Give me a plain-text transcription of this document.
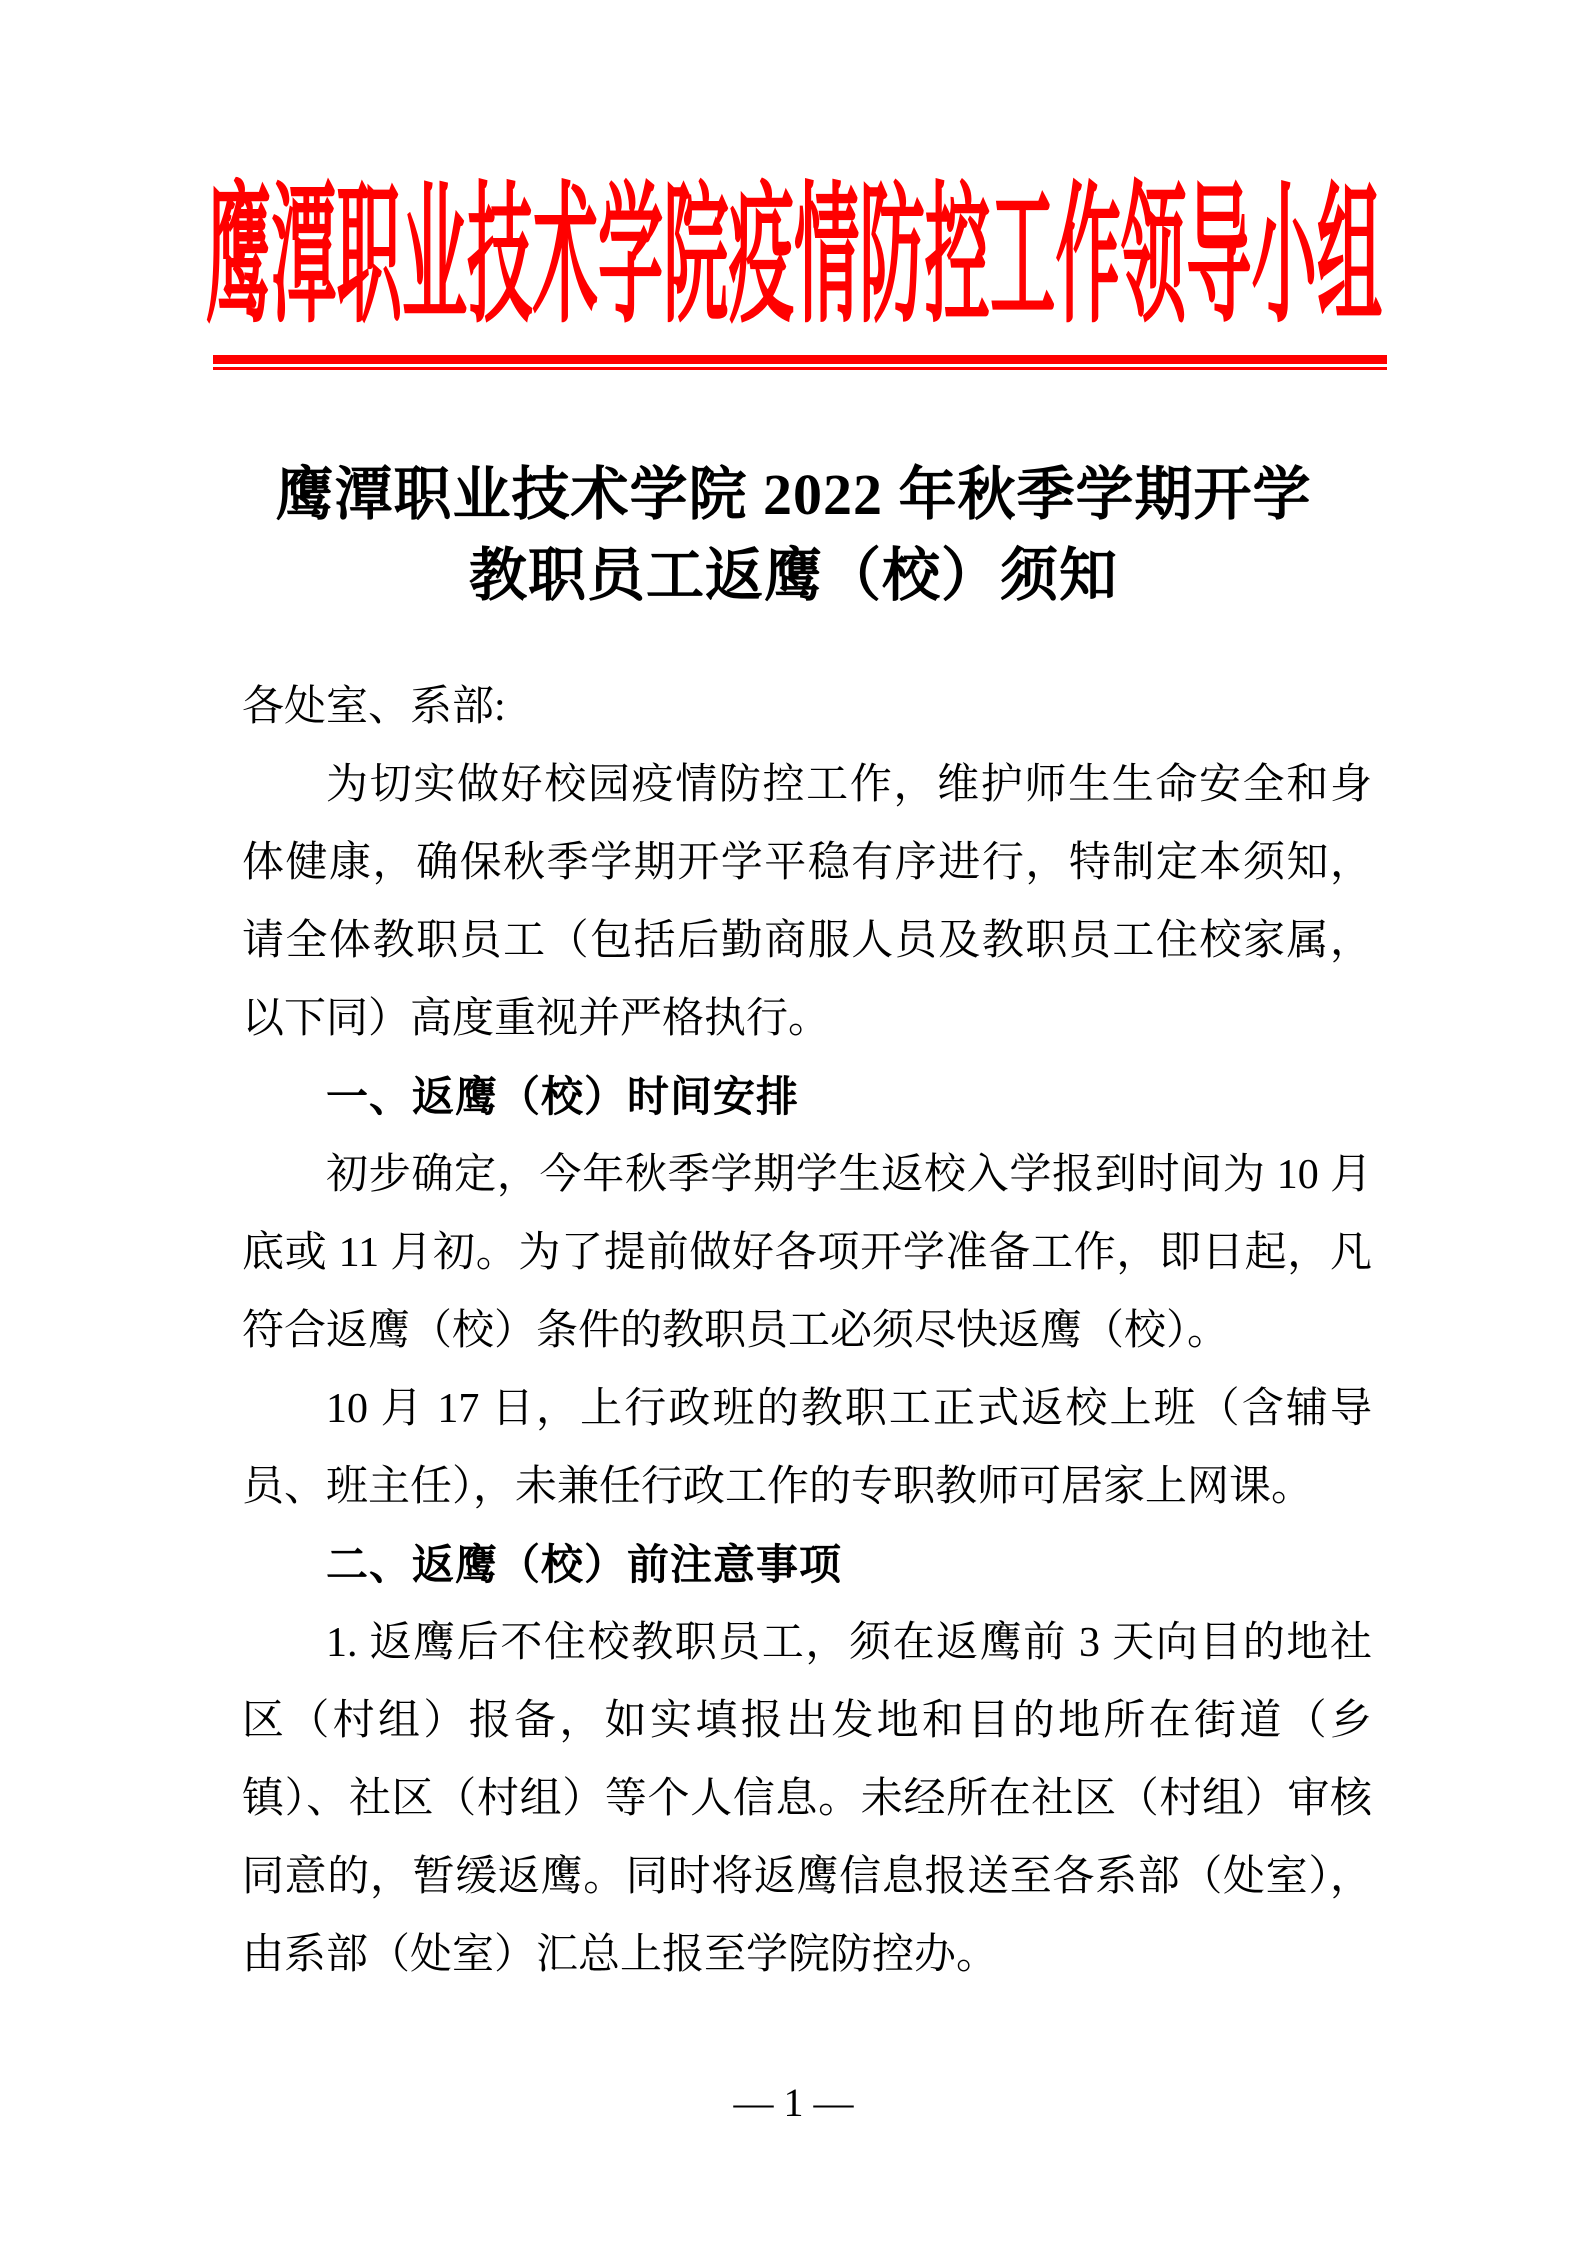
鹰潭职业技术学院疫情防控工作领导小组
鹰潭职业技术学院 2022 年秋季学期开学
教职员工返鹰（校）须知

各处室、系部:

为切实做好校园疫情防控工作，维护师生生命安全和身体健康，确保秋季学期开学平稳有序进行，特制定本须知，请全体教职员工（包括后勤商服人员及教职员工住校家属，以下同）高度重视并严格执行。

一、返鹰（校）时间安排

初步确定，今年秋季学期学生返校入学报到时间为 10 月底或 11 月初。为了提前做好各项开学准备工作，即日起，凡符合返鹰（校）条件的教职员工必须尽快返鹰（校）。

10 月 17 日，上行政班的教职工正式返校上班（含辅导员、班主任），未兼任行政工作的专职教师可居家上网课。

二、返鹰（校）前注意事项

1. 返鹰后不住校教职员工，须在返鹰前 3 天向目的地社区（村组）报备，如实填报出发地和目的地所在街道（乡镇）、社区（村组）等个人信息。未经所在社区（村组）审核同意的，暂缓返鹰。同时将返鹰信息报送至各系部（处室），由系部（处室）汇总上报至学院防控办。

— 1 —
